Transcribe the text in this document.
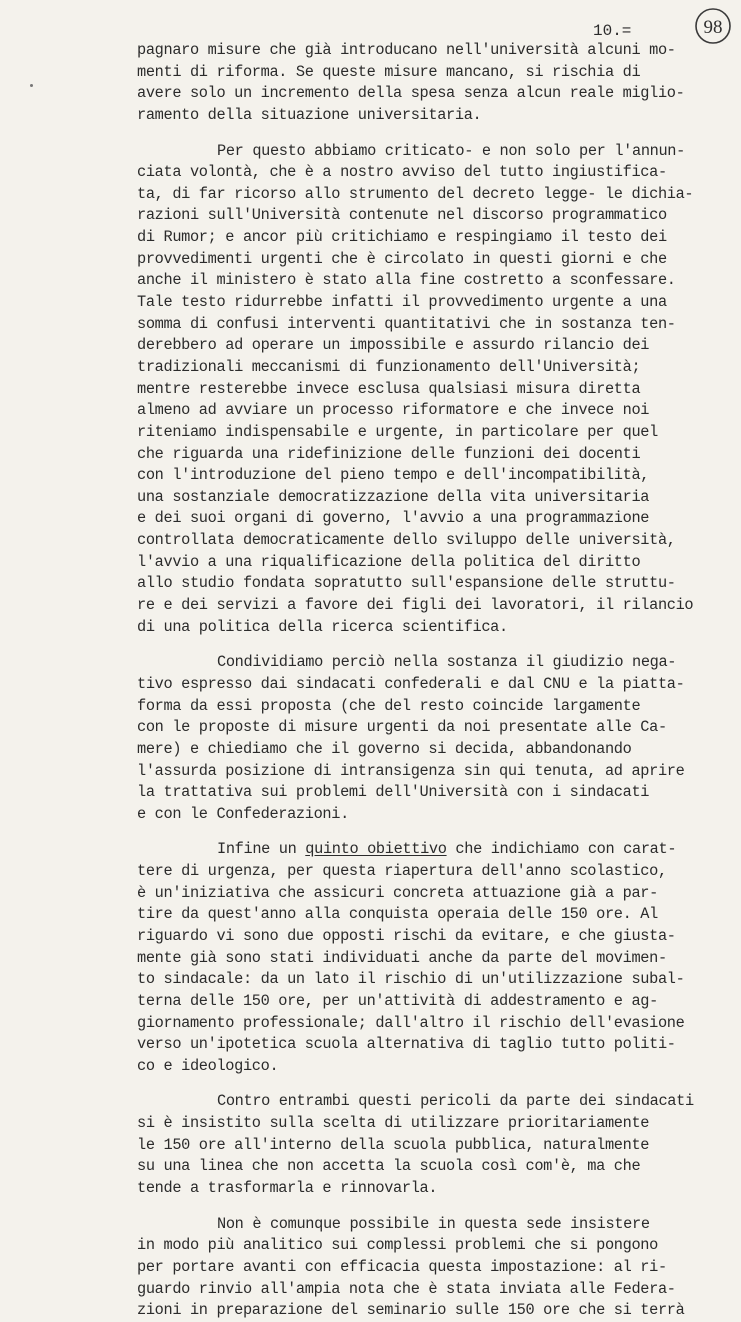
10.=	98
pagnaro misure che già introducano nell'università alcuni mo-
menti di riforma. Se queste misure mancano, si rischia di
avere solo un incremento della spesa senza alcun reale miglio-
ramento della situazione universitaria.
Per questo abbiamo criticato- e non solo per l'annun-
ciata volontà, che è a nostro avviso del tutto ingiustifica-
ta, di far ricorso allo strumento del decreto legge- le dichia-
razioni sull'Università contenute nel discorso programmatico
di Rumor; e ancor più critichiamo e respingiamo il testo dei
provvedimenti urgenti che è circolato in questi giorni e che
anche il ministero è stato alla fine costretto a sconfessare.
Tale testo ridurrebbe infatti il provvedimento urgente a una
somma di confusi interventi quantitativi che in sostanza ten-
derebbero ad operare un impossibile e assurdo rilancio dei
tradizionali meccanismi di funzionamento dell'Università;
mentre resterebbe invece esclusa qualsiasi misura diretta
almeno ad avviare un processo riformatore e che invece noi
riteniamo indispensabile e urgente, in particolare per quel
che riguarda una ridefinizione delle funzioni dei docenti
con l'introduzione del pieno tempo e dell'incompatibilità,
una sostanziale democratizzazione della vita universitaria
e dei suoi organi di governo, l'avvio a una programmazione
controllata democraticamente dello sviluppo delle università,
l'avvio a una riqualificazione della politica del diritto
allo studio fondata sopratutto sull'espansione delle struttu-
re e dei servizi a favore dei figli dei lavoratori, il rilancio
di una politica della ricerca scientifica.
Condividiamo perciò nella sostanza il giudizio nega-
tivo espresso dai sindacati confederali e dal CNU e la piatta-
forma da essi proposta (che del resto coincide largamente
con le proposte di misure urgenti da noi presentate alle Ca-
mere) e chiediamo che il governo si decida, abbandonando
l'assurda posizione di intransigenza sin qui tenuta, ad aprire
la trattativa sui problemi dell'Università con i sindacati
e con le Confederazioni.
Infine un quinto obiettivo che indichiamo con carat-
tere di urgenza, per questa riapertura dell'anno scolastico,
è un'iniziativa che assicuri concreta attuazione già a par-
tire da quest'anno alla conquista operaia delle 150 ore. Al
riguardo vi sono due opposti rischi da evitare, e che giusta-
mente già sono stati individuati anche da parte del movimen-
to sindacale: da un lato il rischio di un'utilizzazione subal-
terna delle 150 ore, per un'attività di addestramento e ag-
giornamento professionale; dall'altro il rischio dell'evasione
verso un'ipotetica scuola alternativa di taglio tutto politi-
co e ideologico.
Contro entrambi questi pericoli da parte dei sindacati
si è insistito sulla scelta di utilizzare prioritariamente
le 150 ore all'interno della scuola pubblica, naturalmente
su una linea che non accetta la scuola così com'è, ma che
tende a trasformarla e rinnovarla.
Non è comunque possibile in questa sede insistere
in modo più analitico sui complessi problemi che si pongono
per portare avanti con efficacia questa impostazione: al ri-
guardo rinvio all'ampia nota che è stata inviata alle Federa-
zioni in preparazione del seminario sulle 150 ore che si terrà
